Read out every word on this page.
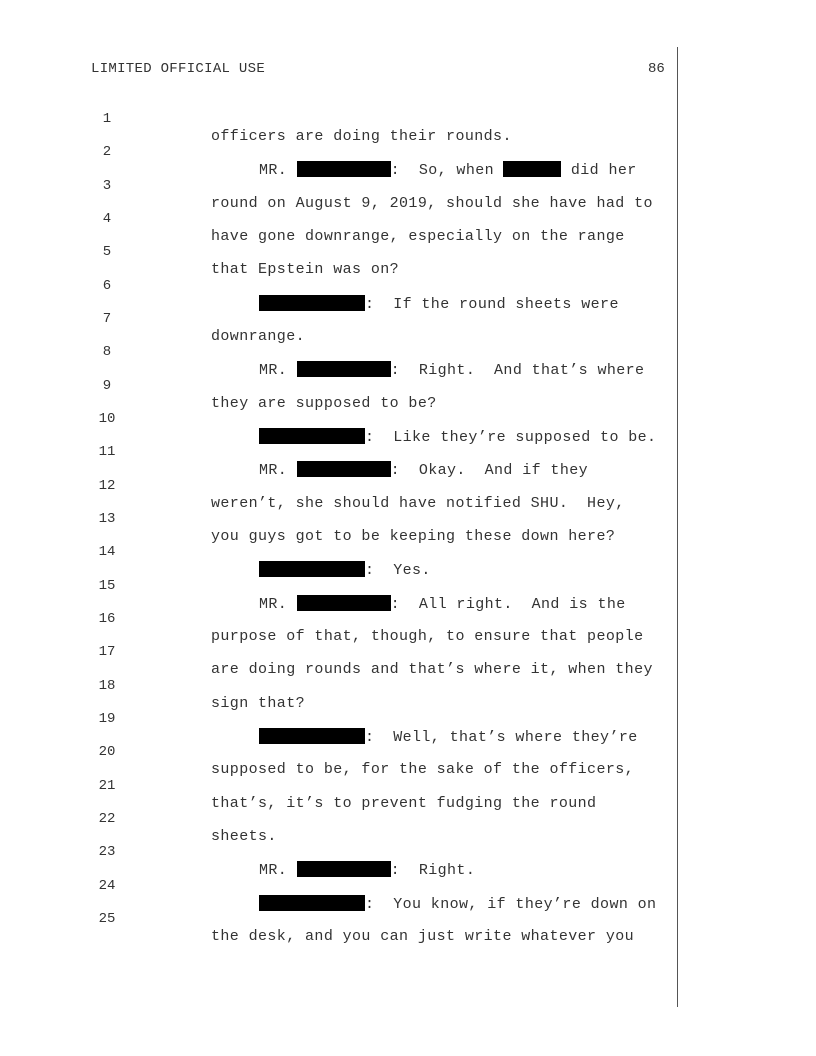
LIMITED OFFICIAL USE	86

1

officers are doing their rounds.

2

MR.	:  So, when	did her

3

round on August 9, 2019, should she have had to

4

have gone downrange, especially on the range

5

that Epstein was on?

6

:  If the round sheets were

7

downrange.

8

MR.	:  Right.  And that’s where

9

they are supposed to be?

10

:  Like they’re supposed to be.

11

MR.	:  Okay.  And if they

12

weren’t, she should have notified SHU.  Hey,

13

you guys got to be keeping these down here?

14

:  Yes.

15

MR.	:  All right.  And is the

16

purpose of that, though, to ensure that people

17

are doing rounds and that’s where it, when they

18

sign that?

19

:  Well, that’s where they’re

20

supposed to be, for the sake of the officers,

21

that’s, it’s to prevent fudging the round

22

sheets.

23

MR.	:  Right.

24

:  You know, if they’re down on

25

the desk, and you can just write whatever you
